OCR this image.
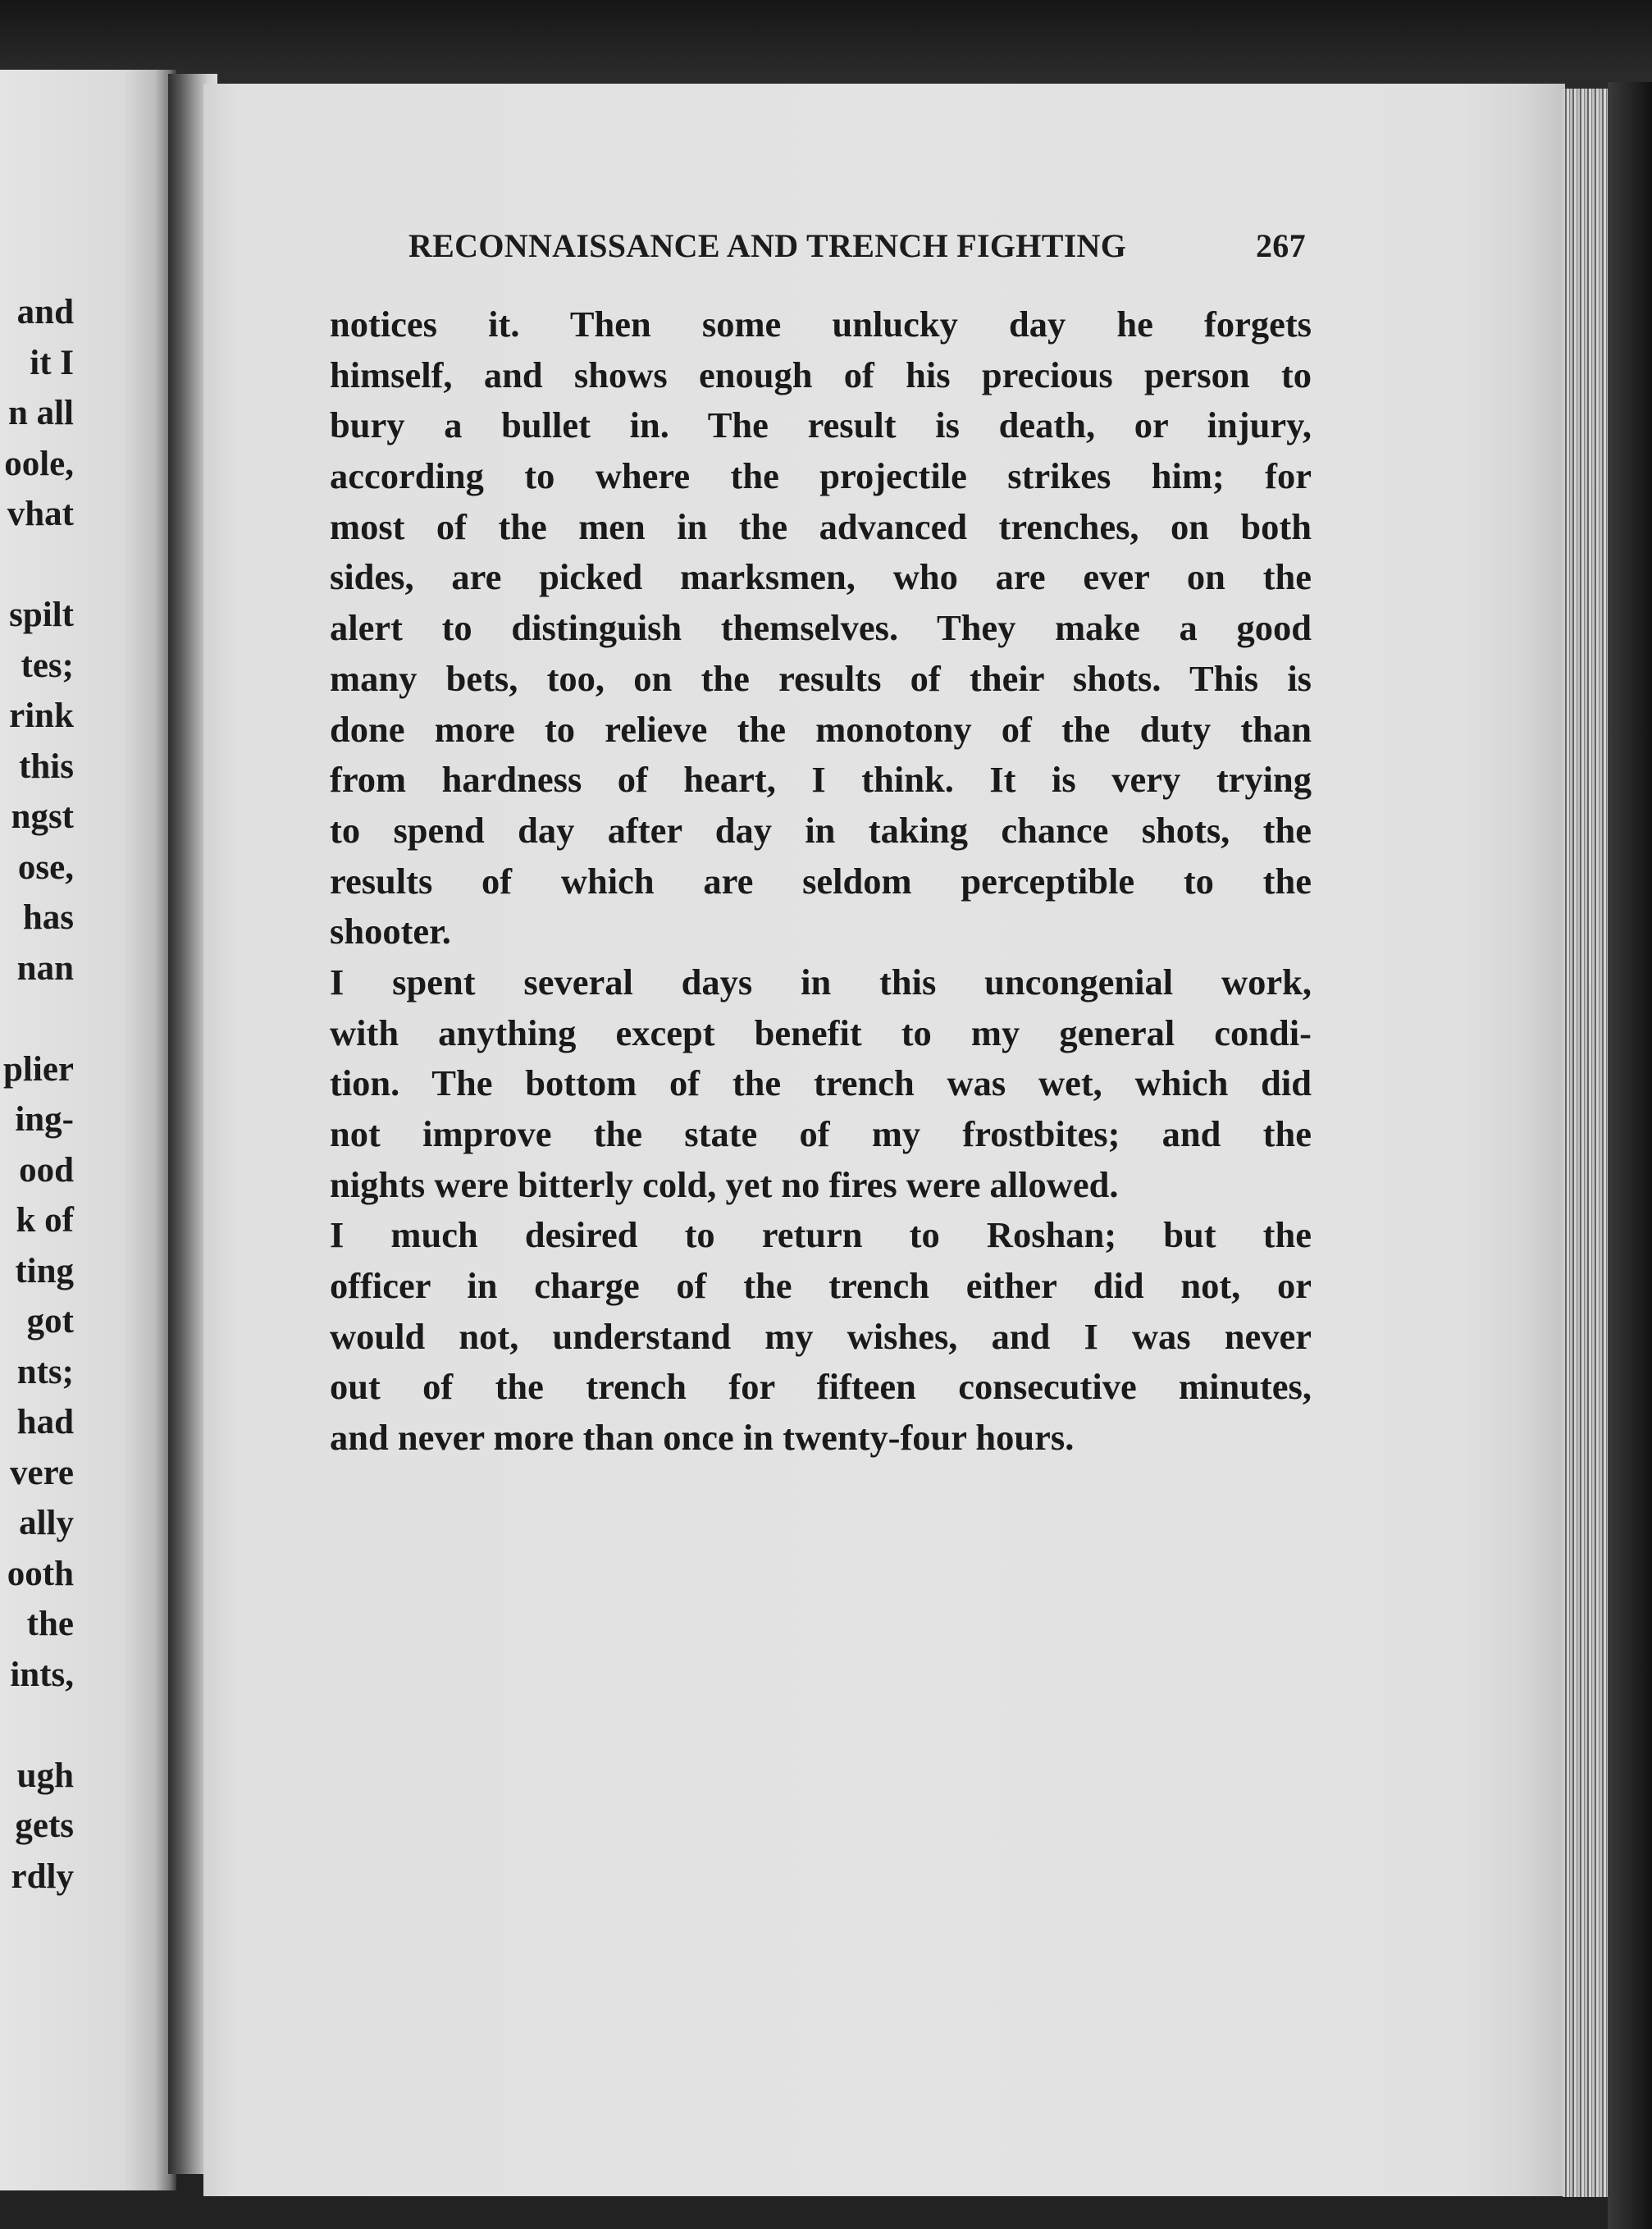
and
it I
n all
oole,
vhat
spilt
tes;
rink
this
ngst
ose,
has
nan
plier
ing-
ood
k of
ting
got
nts;
had
vere
ally
ooth
the
ints,
ugh
gets
rdly
RECONNAISSANCE AND TRENCH FIGHTING	267
notices it. Then some unlucky day he forgets
himself, and shows enough of his precious person to
bury a bullet in. The result is death, or injury,
according to where the projectile strikes him; for
most of the men in the advanced trenches, on both
sides, are picked marksmen, who are ever on the
alert to distinguish themselves. They make a good
many bets, too, on the results of their shots. This is
done more to relieve the monotony of the duty than
from hardness of heart, I think. It is very trying
to spend day after day in taking chance shots, the
results of which are seldom perceptible to the
shooter.
I spent several days in this uncongenial work,
with anything except benefit to my general condi-
tion. The bottom of the trench was wet, which did
not improve the state of my frostbites; and the
nights were bitterly cold, yet no fires were allowed.
I much desired to return to Roshan; but the
officer in charge of the trench either did not, or
would not, understand my wishes, and I was never
out of the trench for fifteen consecutive minutes,
and never more than once in twenty-four hours.
